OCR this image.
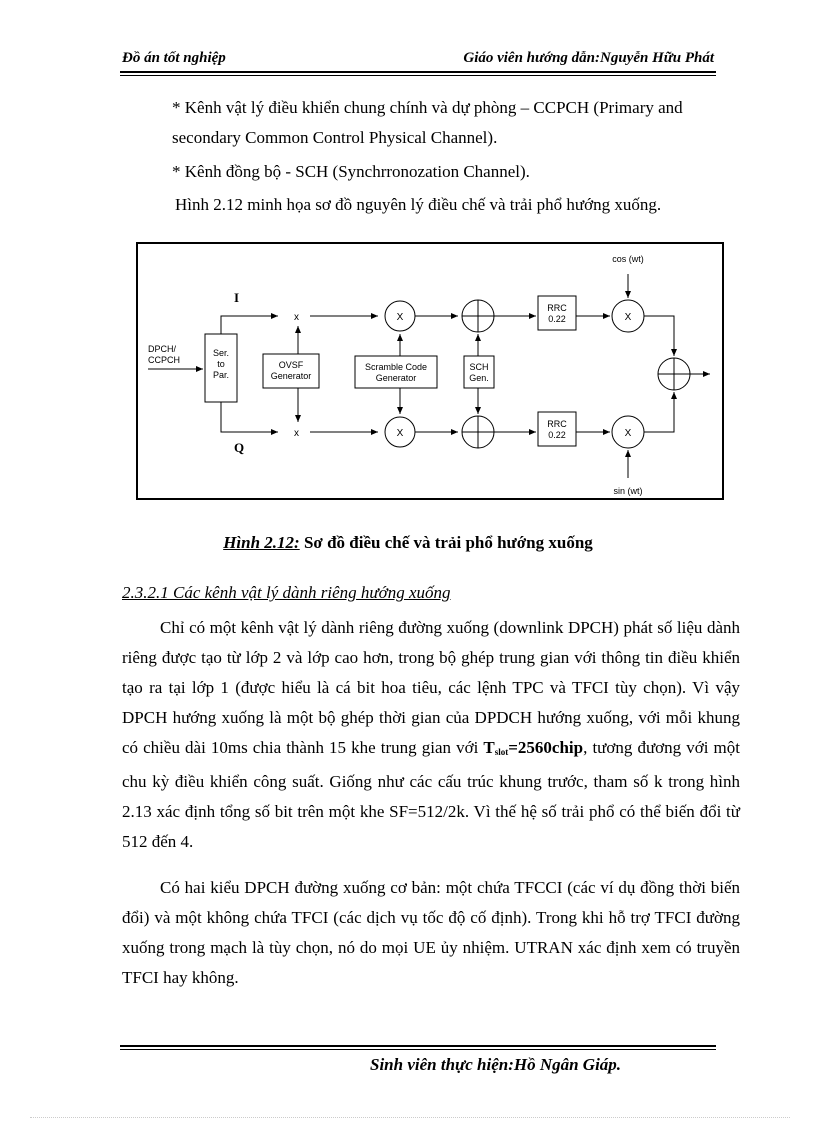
Đồ án tốt nghiệp	Giáo viên hướng dẫn:Nguyễn Hữu Phát
* Kênh vật lý điều khiển chung chính và dự phòng – CCPCH (Primary and secondary Common Control Physical Channel).
* Kênh đồng bộ - SCH (Synchrronozation Channel).
Hình 2.12 minh họa sơ đồ nguyên lý điều chế và trải phổ hướng xuống.
DPCH/
CCPCH
Ser.
to
Par.
I
Q
x
x
OVSF
Generator
Scramble Code
Generator
X
X
SCH
Gen.
RRC
0.22
RRC
0.22
X
X
cos (wt)
sin (wt)
Hình 2.12: Sơ đồ điều chế và trải phổ hướng xuống
2.3.2.1 Các kênh vật lý dành riêng hướng xuống
Chỉ có một kênh vật lý dành riêng đường xuống (downlink DPCH) phát số liệu dành riêng được tạo từ lớp 2 và lớp cao hơn, trong bộ ghép trung gian với thông tin điều khiển tạo ra tại lớp 1 (được hiểu là cá bit hoa tiêu, các lệnh TPC và TFCI tùy chọn). Vì vậy DPCH hướng xuống là một bộ ghép thời gian của DPDCH hướng xuống, với mỗi khung có chiều dài 10ms chia thành 15 khe trung gian với Tslot=2560chip, tương đương với một chu kỳ điều khiển công suất. Giống như các cấu trúc khung trước, tham số k trong hình 2.13 xác định tổng số bit trên một khe SF=512/2k. Vì thế hệ số trải phổ có thể biến đổi từ 512 đến 4.
Có hai kiểu DPCH đường xuống cơ bản: một chứa TFCCI (các ví dụ đồng thời biến đổi) và một không chứa TFCI (các dịch vụ tốc độ cố định). Trong khi hỗ trợ TFCI đường xuống trong mạch là tùy chọn, nó do mọi UE ủy nhiệm. UTRAN xác định xem có truyền TFCI hay không.
Sinh viên thực hiện:Hồ Ngân Giáp.
